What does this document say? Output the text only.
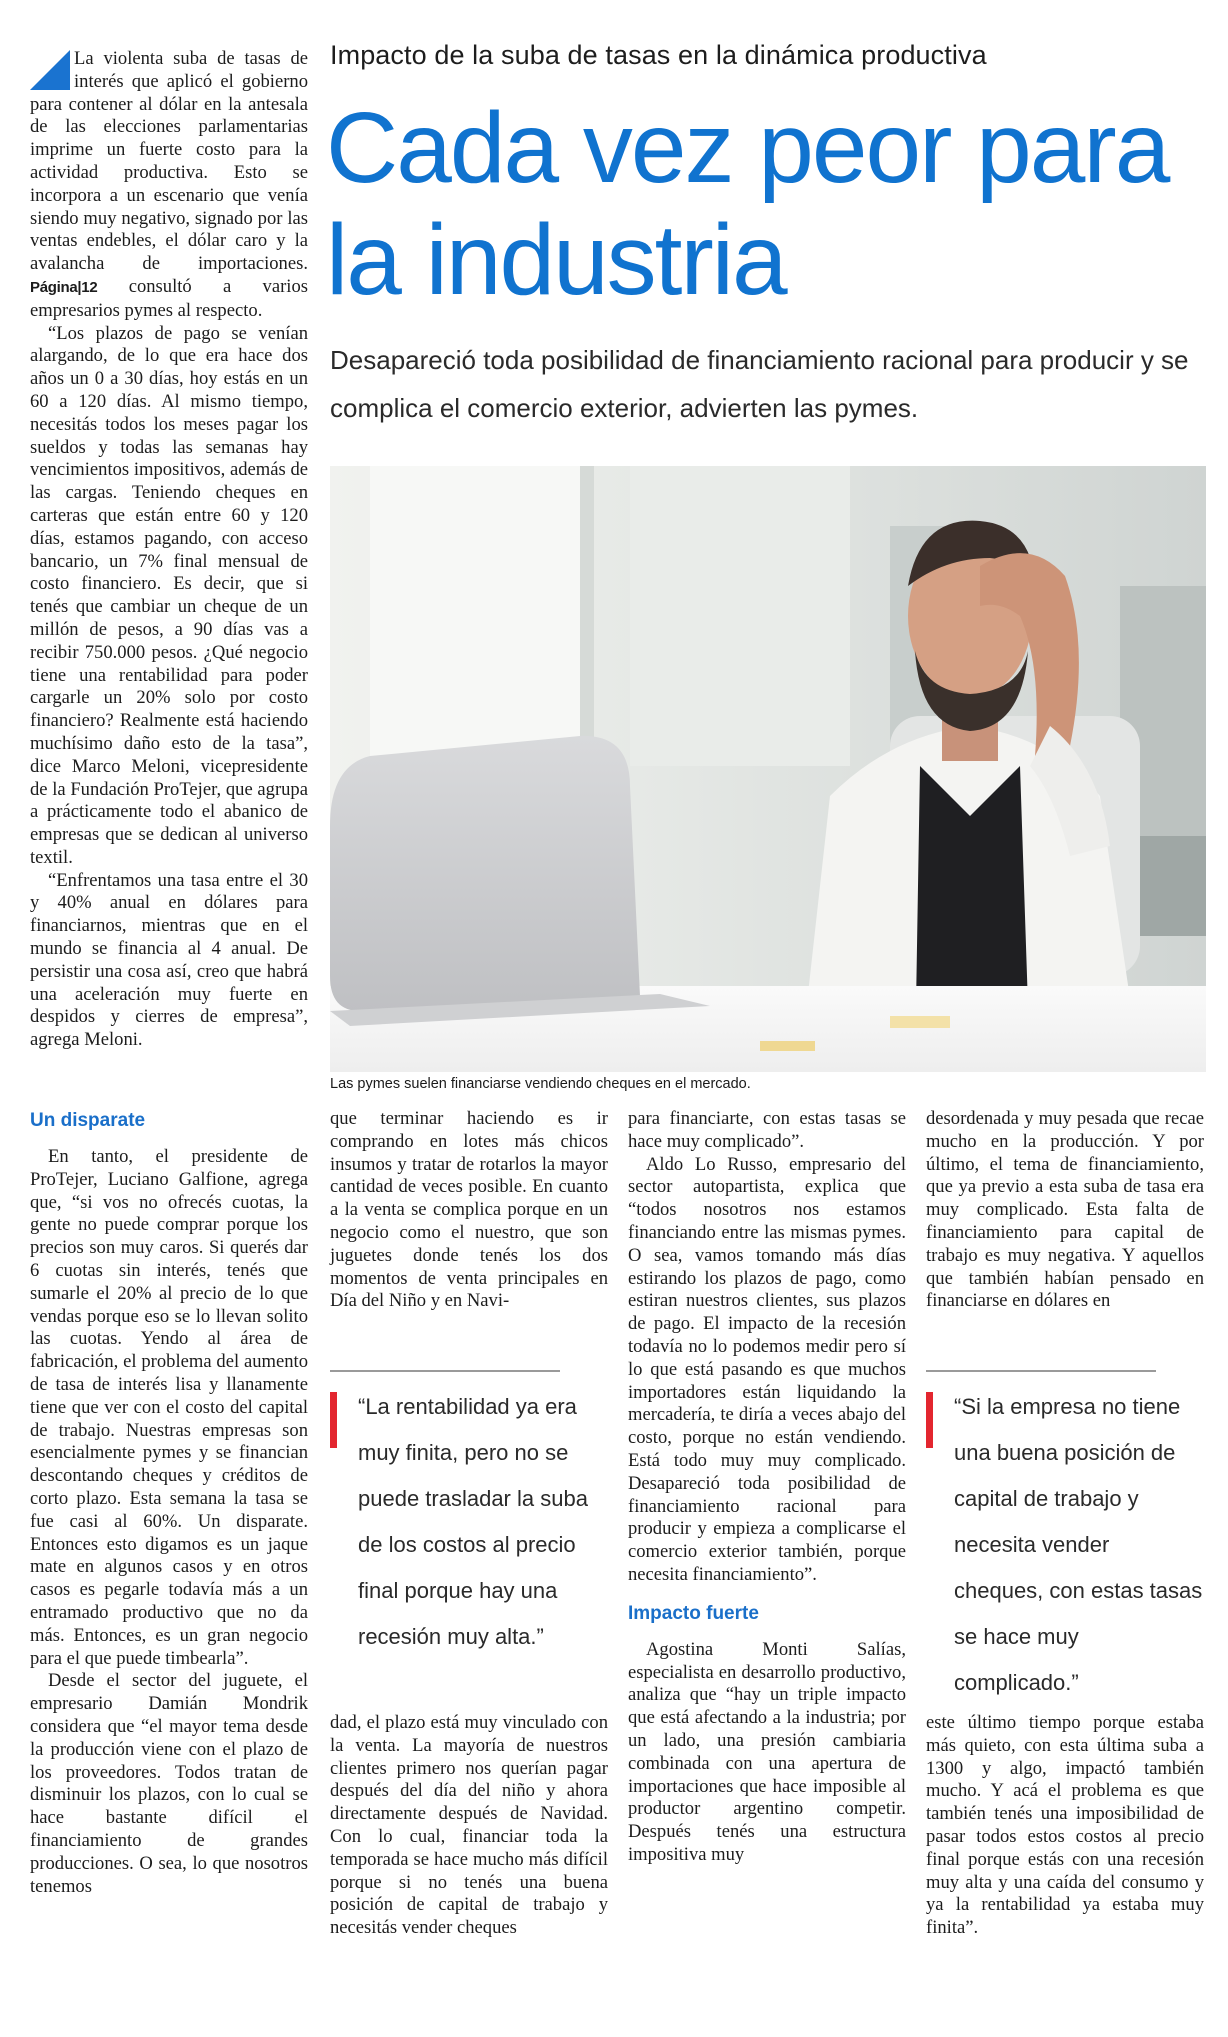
Impacto de la suba de tasas en la dinámica productiva
Cada vez peor para la industria
Desapareció toda posibilidad de financiamiento racional para producir y se complica el comercio exterior, advierten las pymes.

La violenta suba de tasas de interés que aplicó el gobierno para contener al dólar en la antesala de las elecciones parlamentarias imprime un fuerte costo para la actividad productiva. Esto se incorpora a un escenario que venía siendo muy negativo, signado por las ventas endebles, el dólar caro y la avalancha de importaciones. Página|12 consultó a varios empresarios pymes al respecto.

“Los plazos de pago se venían alargando, de lo que era hace dos años un 0 a 30 días, hoy estás en un 60 a 120 días. Al mismo tiempo, necesitás todos los meses pagar los sueldos y todas las semanas hay vencimientos impositivos, además de las cargas. Teniendo cheques en carteras que están entre 60 y 120 días, estamos pagando, con acceso bancario, un 7% final mensual de costo financiero. Es decir, que si tenés que cambiar un cheque de un millón de pesos, a 90 días vas a recibir 750.000 pesos. ¿Qué negocio tiene una rentabilidad para poder cargarle un 20% solo por costo financiero? Realmente está haciendo muchísimo daño esto de la tasa”, dice Marco Meloni, vicepresidente de la Fundación ProTejer, que agrupa a prácticamente todo el abanico de empresas que se dedican al universo textil.

“Enfrentamos una tasa entre el 30 y 40% anual en dólares para financiarnos, mientras que en el mundo se financia al 4 anual. De persistir una cosa así, creo que habrá una aceleración muy fuerte en despidos y cierres de empresa”, agrega Meloni.

Las pymes suelen financiarse vendiendo cheques en el mercado.
Un disparate

En tanto, el presidente de ProTejer, Luciano Galfione, agrega que, “si vos no ofrecés cuotas, la gente no puede comprar porque los precios son muy caros. Si querés dar 6 cuotas sin interés, tenés que sumarle el 20% al precio de lo que vendas porque eso se lo llevan solito las cuotas. Yendo al área de fabricación, el problema del aumento de tasa de interés lisa y llanamente tiene que ver con el costo del capital de trabajo. Nuestras empresas son esencialmente pymes y se financian descontando cheques y créditos de corto plazo. Esta semana la tasa se fue casi al 60%. Un disparate. Entonces esto digamos es un jaque mate en algunos casos y en otros casos es pegarle todavía más a un entramado productivo que no da más. Entonces, es un gran negocio para el que puede timbearla”.

Desde el sector del juguete, el empresario Damián Mondrik considera que “el mayor tema desde la producción viene con el plazo de los proveedores. Todos tratan de disminuir los plazos, con lo cual se hace bastante difícil el financiamiento de grandes producciones. O sea, lo que nosotros tenemos

que terminar haciendo es ir comprando en lotes más chicos insumos y tratar de rotarlos la mayor cantidad de veces posible. En cuanto a la venta se complica porque en un negocio como el nuestro, que son juguetes donde tenés los dos momentos de venta principales en Día del Niño y en Navi-

“La rentabilidad ya era muy finita, pero no se puede trasladar la suba de los costos al precio final porque hay una recesión muy alta.”

dad, el plazo está muy vinculado con la venta. La mayoría de nuestros clientes primero nos querían pagar después del día del niño y ahora directamente después de Navidad. Con lo cual, financiar toda la temporada se hace mucho más difícil porque si no tenés una buena posición de capital de trabajo y necesitás vender cheques

para financiarte, con estas tasas se hace muy complicado”.

Aldo Lo Russo, empresario del sector autopartista, explica que “todos nosotros nos estamos financiando entre las mismas pymes. O sea, vamos tomando más días estirando los plazos de pago, como estiran nuestros clientes, sus plazos de pago. El impacto de la recesión todavía no lo podemos medir pero sí lo que está pasando es que muchos importadores están liquidando la mercadería, te diría a veces abajo del costo, porque no están vendiendo. Está todo muy muy complicado. Desapareció toda posibilidad de financiamiento racional para producir y empieza a complicarse el comercio exterior también, porque necesita financiamiento”.

Impacto fuerte

Agostina Monti Salías, especialista en desarrollo productivo, analiza que “hay un triple impacto que está afectando a la industria; por un lado, una presión cambiaria combinada con una apertura de importaciones que hace imposible al productor argentino competir. Después tenés una estructura impositiva muy

desordenada y muy pesada que recae mucho en la producción. Y por último, el tema de financiamiento, que ya previo a esta suba de tasa era muy complicado. Esta falta de financiamiento para capital de trabajo es muy negativa. Y aquellos que también habían pensado en financiarse en dólares en

“Si la empresa no tiene una buena posición de capital de trabajo y necesita vender cheques, con estas tasas se hace muy complicado.”

este último tiempo porque estaba más quieto, con esta última suba a 1300 y algo, impactó también mucho. Y acá el problema es que también tenés una imposibilidad de pasar todos estos costos al precio final porque estás con una recesión muy alta y una caída del consumo y ya la rentabilidad ya estaba muy finita”.
